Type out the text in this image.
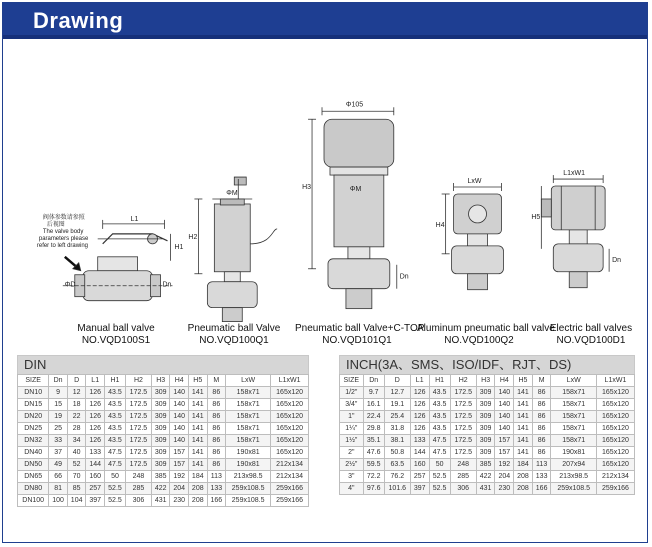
Drawing
L1
H1
ΦD	Dn
ΦM
H2
Φ105
H3	ΦM
Dn
LxW
H4
L1xW1
H5
Dn
阀体参数请参照
后视图
The valve body
parameters please
refer to left drawing
Manual ball valve
NO.VQD100S1
Pneumatic ball Valve
NO.VQD100Q1
Pneumatic ball Valve+C-TOP
NO.VQD101Q1
Aluminum pneumatic ball valve
NO.VQD100Q2
Electric ball valves
NO.VQD100D1
DIN
SIZE	Dn	D	L1	H1	H2	H3	H4	H5	M	LxW	L1xW1
DN10	9	12	126	43.5	172.5	309	140	141	86	158x71	165x120
DN15	15	18	126	43.5	172.5	309	140	141	86	158x71	165x120
DN20	19	22	126	43.5	172.5	309	140	141	86	158x71	165x120
DN25	25	28	126	43.5	172.5	309	140	141	86	158x71	165x120
DN32	33	34	126	43.5	172.5	309	140	141	86	158x71	165x120
DN40	37	40	133	47.5	172.5	309	157	141	86	190x81	165x120
DN50	49	52	144	47.5	172.5	309	157	141	86	190x81	212x134
DN65	66	70	160	50	248	385	192	184	113	213x98.5	212x134
DN80	81	85	257	52.5	285	422	204	208	133	259x108.5	259x166
DN100	100	104	397	52.5	306	431	230	208	166	259x108.5	259x166
INCH(3A、SMS、ISO/IDF、RJT、DS)
SIZE	Dn	D	L1	H1	H2	H3	H4	H5	M	LxW	L1xW1
1/2"	9.7	12.7	126	43.5	172.5	309	140	141	86	158x71	165x120
3/4"	16.1	19.1	126	43.5	172.5	309	140	141	86	158x71	165x120
1"	22.4	25.4	126	43.5	172.5	309	140	141	86	158x71	165x120
1¼"	29.8	31.8	126	43.5	172.5	309	140	141	86	158x71	165x120
1½"	35.1	38.1	133	47.5	172.5	309	157	141	86	158x71	165x120
2"	47.6	50.8	144	47.5	172.5	309	157	141	86	190x81	165x120
2½"	59.5	63.5	160	50	248	385	192	184	113	207x94	165x120
3"	72.2	76.2	257	52.5	285	422	204	208	133	213x98.5	212x134
4"	97.6	101.6	397	52.5	306	431	230	208	166	259x108.5	259x166
